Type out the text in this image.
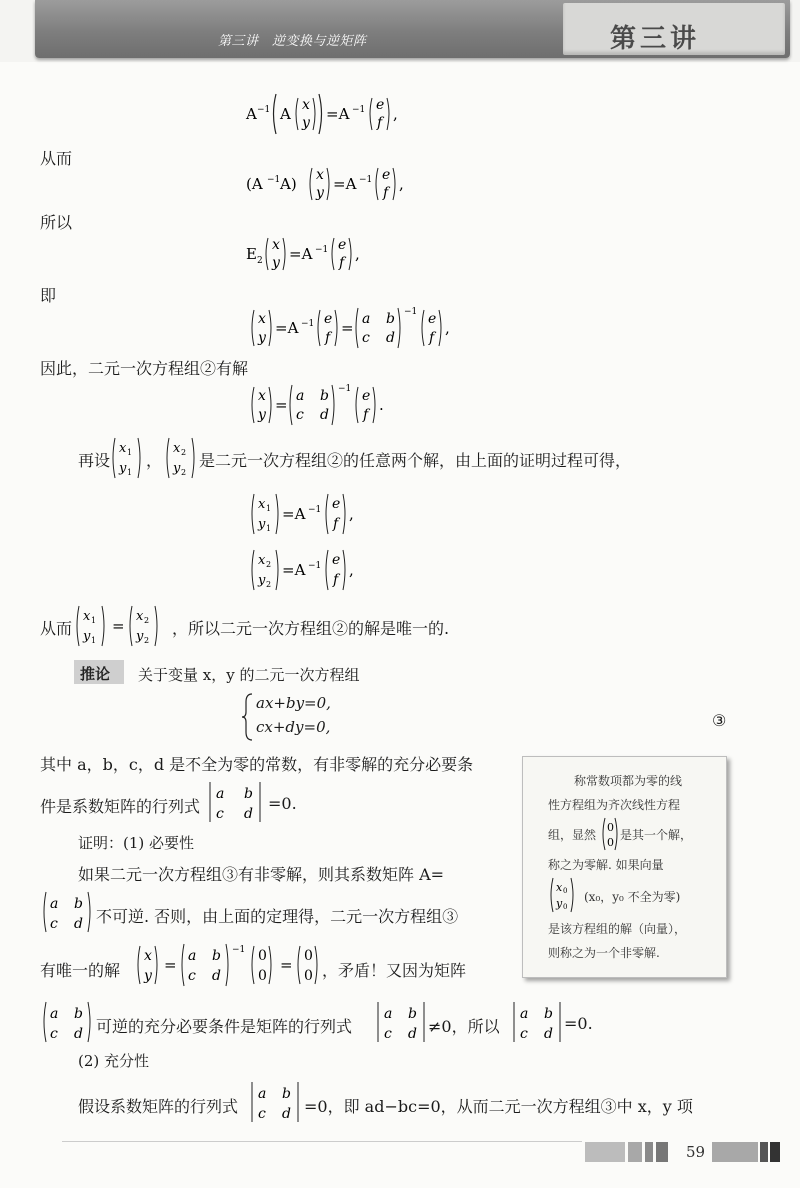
第三讲　逆变换与逆矩阵	第三讲
A −1 A x
y =A −1 e
f ,
从而
(A −1 A) x
y =A −1 e
f ,
所以
E 2
x
y =A −1 e
f ,
即
x
y
=A −1 e
f
= a b
c d
−1 e
f
,
因此，二元一次方程组②有解
x
y
= a b
c d
−1 e
f
.
再设
x 1
y 1
，
x 2
y 2
是二元一次方程组②的任意两个解，由上面的证明过程可得，
x 1
y 1
=A −1 e
f
,
x 2
y 2
=A −1 e
f
,
从而
x 1
y 1
=
x 2
y 2
，所以二元一次方程组②的解是唯一的.
推论 关于变量 x，y 的二元一次方程组
ax+by=0,
cx+dy=0,	③
其中 a，b，c，d 是不全为零的常数，有非零解的充分必要条
件是系数矩阵的行列式
a b
c d
=0.
证明：(1) 必要性
如果二元一次方程组③有非零解，则其系数矩阵 A=
a b
c d 不可逆. 否则，由上面的定理得，二元一次方程组③
有唯一的解
x
y
= a b
c d
−1 0
0
= 0
0 ，矛盾！又因为矩阵
a b
c d 可逆的充分必要条件是矩阵的行列式
a b
c d ≠0，所以
a b
c d
=0.
(2) 充分性
假设系数矩阵的行列式
a b
c d =0，即 ad−bc=0，从而二元一次方程组③中 x，y 项
称常数项都为零的线
性方程组为齐次线性方程
组，显然
0
0
是其一个解，
称之为零解. 如果向量
x 0
y 0
(x₀，y₀ 不全为零)
是该方程组的解（向量），
则称之为一个非零解.
59
